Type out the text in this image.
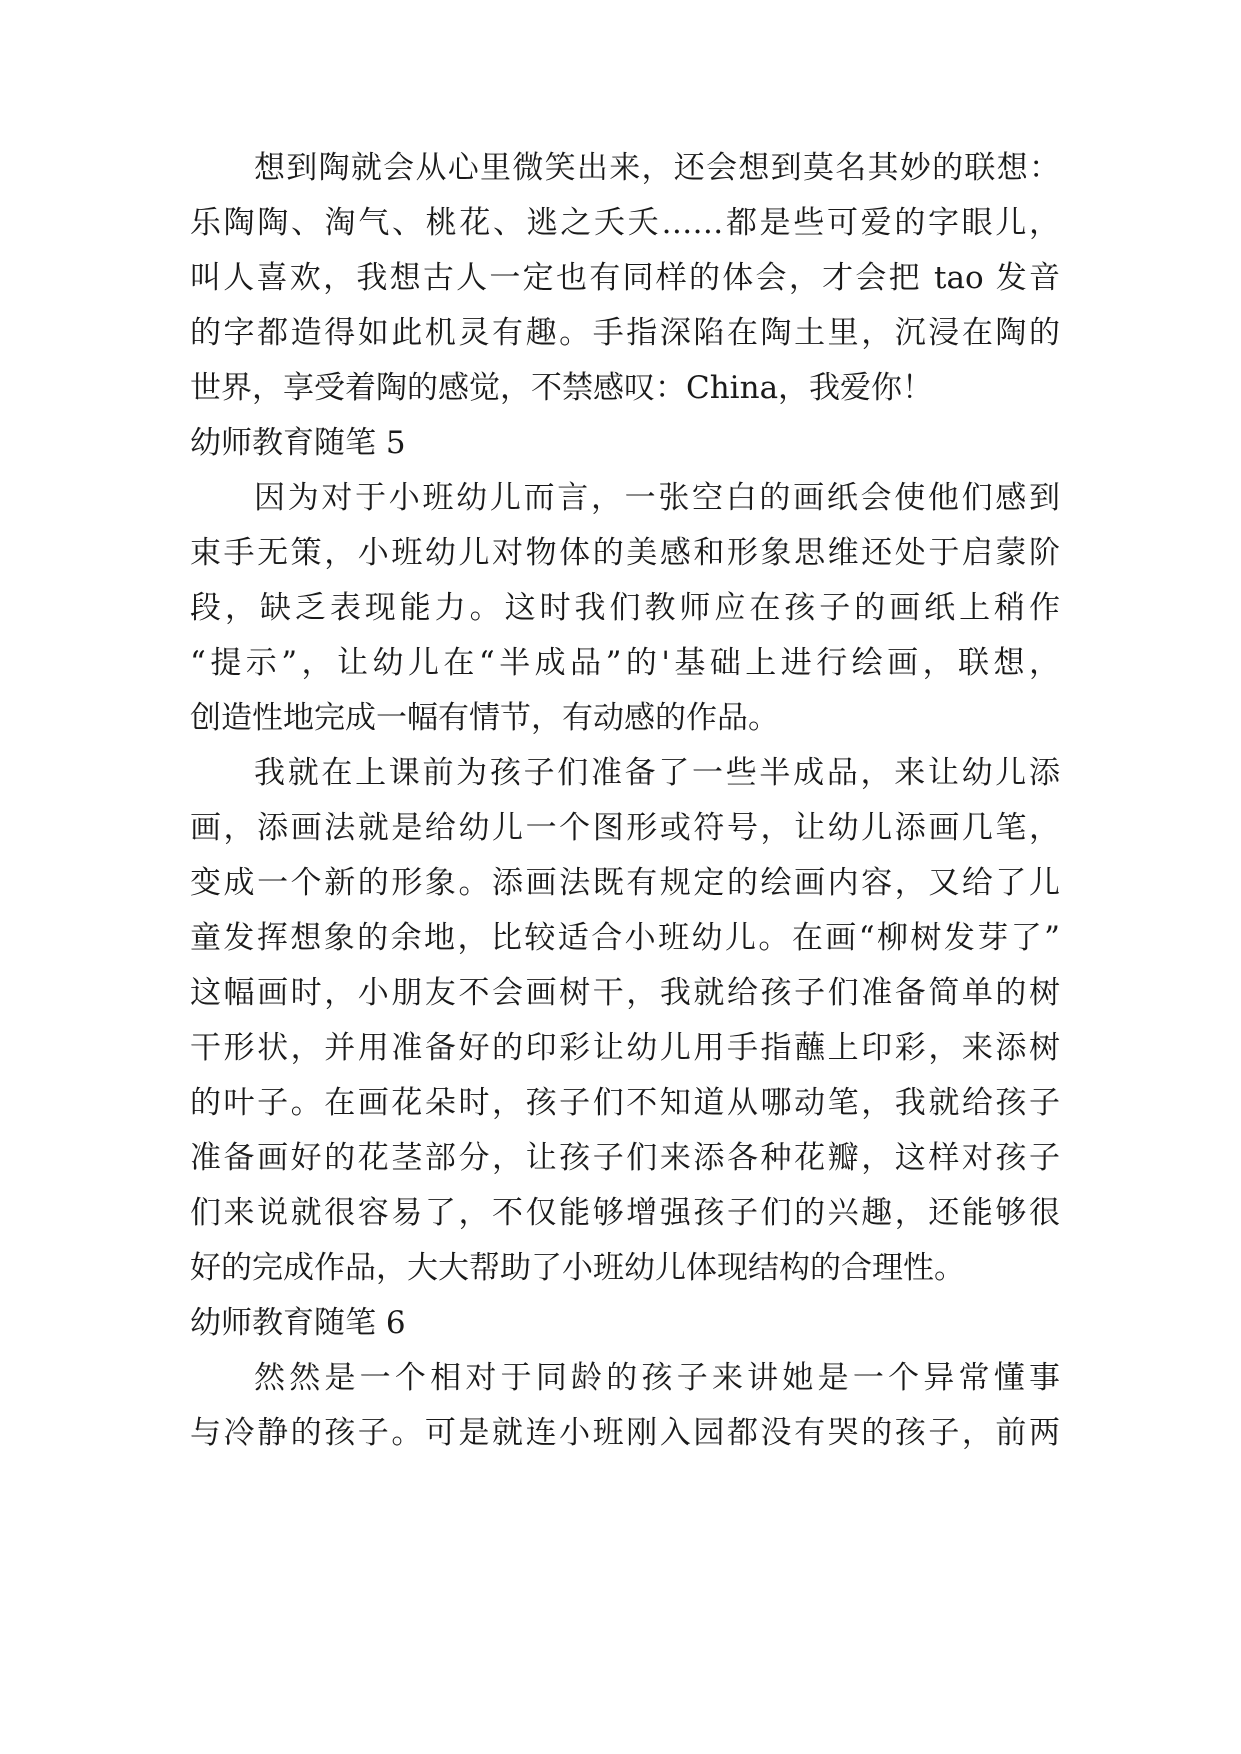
想到陶就会从心里微笑出来，还会想到莫名其妙的联想：
乐陶陶、淘气、桃花、逃之夭夭……都是些可爱的字眼儿，
叫人喜欢，我想古人一定也有同样的体会，才会把 tao 发音
的字都造得如此机灵有趣。手指深陷在陶土里，沉浸在陶的
世界，享受着陶的感觉，不禁感叹：China，我爱你！
幼师教育随笔 5
因为对于小班幼儿而言，一张空白的画纸会使他们感到
束手无策，小班幼儿对物体的美感和形象思维还处于启蒙阶
段，缺乏表现能力。这时我们教师应在孩子的画纸上稍作
“提示”，让幼儿在“半成品”的'基础上进行绘画，联想，
创造性地完成一幅有情节，有动感的作品。
我就在上课前为孩子们准备了一些半成品，来让幼儿添
画，添画法就是给幼儿一个图形或符号，让幼儿添画几笔，
变成一个新的形象。添画法既有规定的绘画内容，又给了儿
童发挥想象的余地，比较适合小班幼儿。在画“柳树发芽了”
这幅画时，小朋友不会画树干，我就给孩子们准备简单的树
干形状，并用准备好的印彩让幼儿用手指蘸上印彩，来添树
的叶子。在画花朵时，孩子们不知道从哪动笔，我就给孩子
准备画好的花茎部分，让孩子们来添各种花瓣，这样对孩子
们来说就很容易了，不仅能够增强孩子们的兴趣，还能够很
好的完成作品，大大帮助了小班幼儿体现结构的合理性。
幼师教育随笔 6
然然是一个相对于同龄的孩子来讲她是一个异常懂事
与冷静的孩子。可是就连小班刚入园都没有哭的孩子，前两
